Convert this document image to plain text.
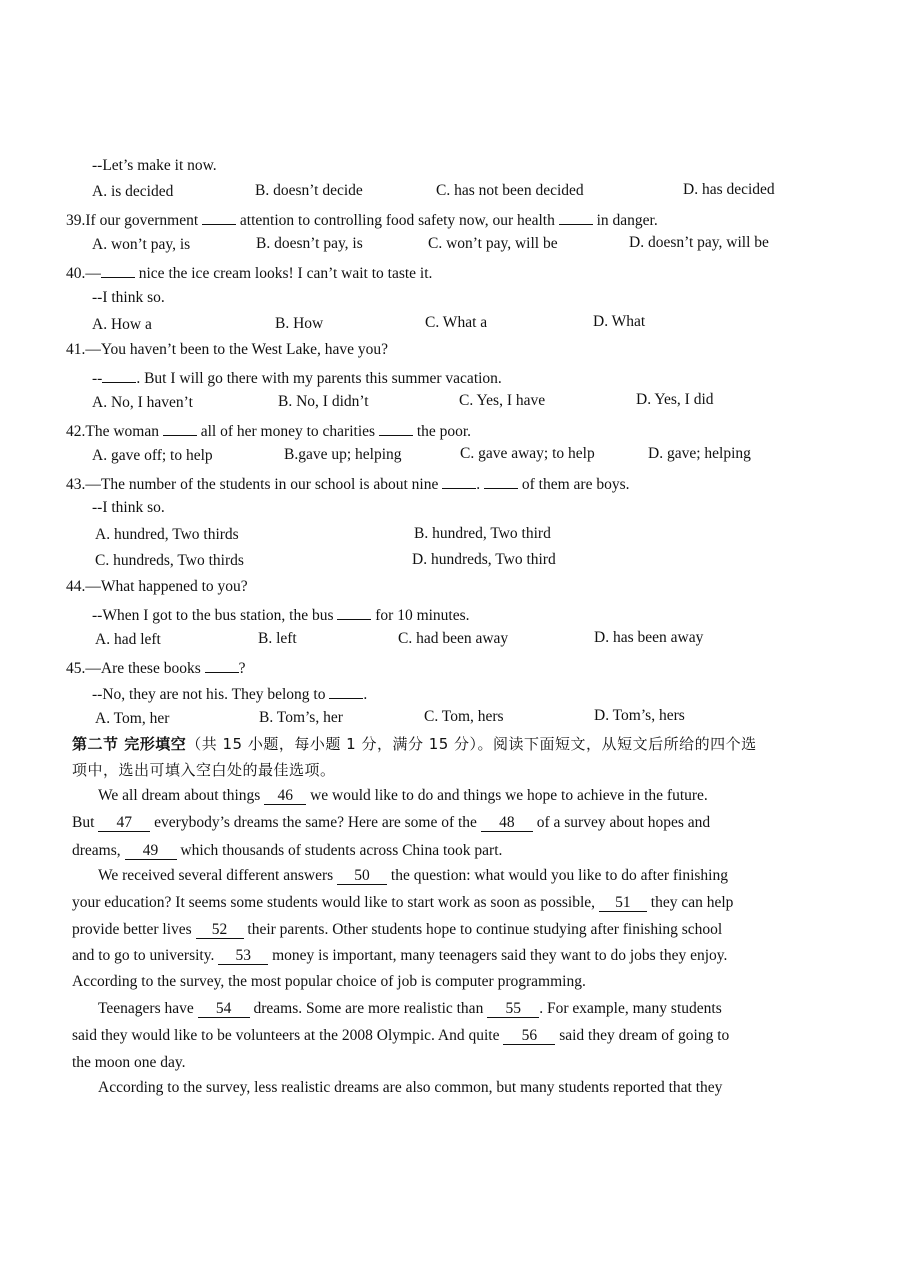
--Let’s make it now.
A. is decided	B. doesn’t decide	C. has not been decided	D. has decided
39.If our government	attention to controlling food safety now, our health	in danger.
A. won’t pay, is	B. doesn’t pay, is	C. won’t pay, will be	D. doesn’t pay, will be
40.— nice the ice cream looks! I can’t wait to taste it.
--I think so.
A. How a	B. How	C. What a	D. What
41.—You haven’t been to the West Lake, have you?
-- . But I will go there with my parents this summer vacation.
A. No, I haven’t	B. No, I didn’t	C. Yes, I have	D. Yes, I did
42.The woman	all of her money to charities	the poor.
A. gave off; to help	B.gave up; helping	C. gave away; to help	D. gave; helping
43.—The number of the students in our school is about nine .	of them are boys.
--I think so.
A. hundred, Two thirds	B. hundred, Two third
C. hundreds, Two thirds	D. hundreds, Two third
44.—What happened to you?
--When I got to the bus station, the bus	for 10 minutes.
A. had left	B. left	C. had been away	D. has been away
45.—Are these books ?
--No, they are not his. They belong to .
A. Tom, her	B. Tom’s, her	C. Tom, hers	D. Tom’s, hers
第二节 完形填空（共 15 小题，每小题 1 分，满分 15 分）。阅读下面短文，从短文后所给的四个选
项中，选出可填入空白处的最佳选项。
We all dream about things 46 we would like to do and things we hope to achieve in the future.
But 47 everybody’s dreams the same? Here are some of the 48 of a survey about hopes and
dreams, 49 which thousands of students across China took part.
We received several different answers 50 the question: what would you like to do after finishing
your education? It seems some students would like to start work as soon as possible, 51 they can help
provide better lives 52 their parents. Other students hope to continue studying after finishing school
and to go to university. 53 money is important, many teenagers said they want to do jobs they enjoy.
According to the survey, the most popular choice of job is computer programming.
Teenagers have 54 dreams. Some are more realistic than 55 . For example, many students
said they would like to be volunteers at the 2008 Olympic. And quite 56 said they dream of going to
the moon one day.
According to the survey, less realistic dreams are also common, but many students reported that they
